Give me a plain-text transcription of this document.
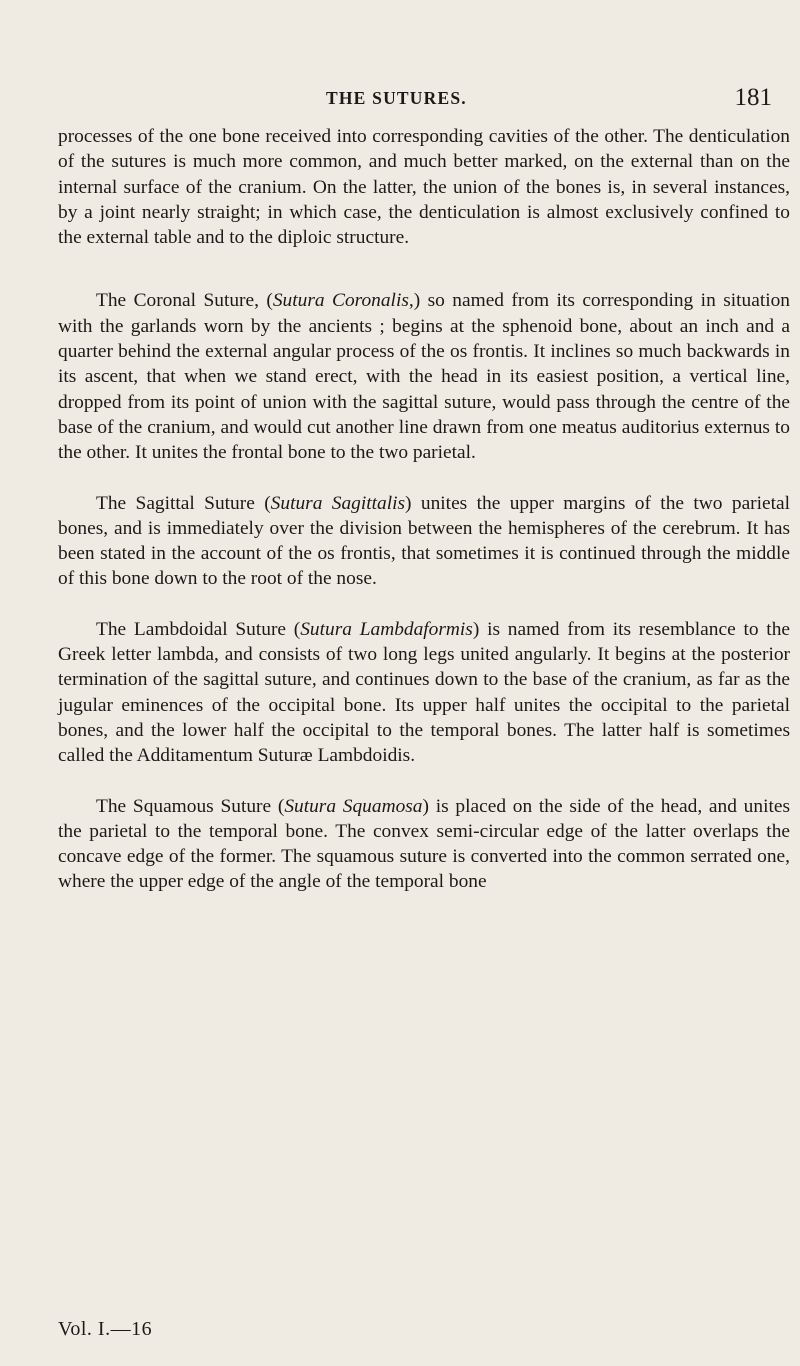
THE SUTURES.	181

processes of the one bone received into corresponding cavities of the other. The denticulation of the sutures is much more common, and much better marked, on the external than on the internal surface of the cranium. On the latter, the union of the bones is, in several instances, by a joint nearly straight; in which case, the denticulation is almost exclusively confined to the external table and to the diploic structure.

The Coronal Suture, (Sutura Coronalis,) so named from its corresponding in situation with the garlands worn by the ancients ; begins at the sphenoid bone, about an inch and a quarter behind the external angular process of the os frontis. It inclines so much backwards in its ascent, that when we stand erect, with the head in its easiest position, a vertical line, dropped from its point of union with the sagittal suture, would pass through the centre of the base of the cranium, and would cut another line drawn from one meatus auditorius externus to the other. It unites the frontal bone to the two parietal.

The Sagittal Suture (Sutura Sagittalis) unites the upper margins of the two parietal bones, and is immediately over the division between the hemispheres of the cerebrum. It has been stated in the account of the os frontis, that sometimes it is continued through the middle of this bone down to the root of the nose.

The Lambdoidal Suture (Sutura Lambdaformis) is named from its resemblance to the Greek letter lambda, and consists of two long legs united angularly. It begins at the posterior termination of the sagittal suture, and continues down to the base of the cranium, as far as the jugular eminences of the occipital bone. Its upper half unites the occipital to the parietal bones, and the lower half the occipital to the temporal bones. The latter half is sometimes called the Additamentum Suturæ Lambdoidis.

The Squamous Suture (Sutura Squamosa) is placed on the side of the head, and unites the parietal to the temporal bone. The convex semi-circular edge of the latter overlaps the concave edge of the former. The squamous suture is converted into the common serrated one, where the upper edge of the angle of the temporal bone

Vol. I.—16
